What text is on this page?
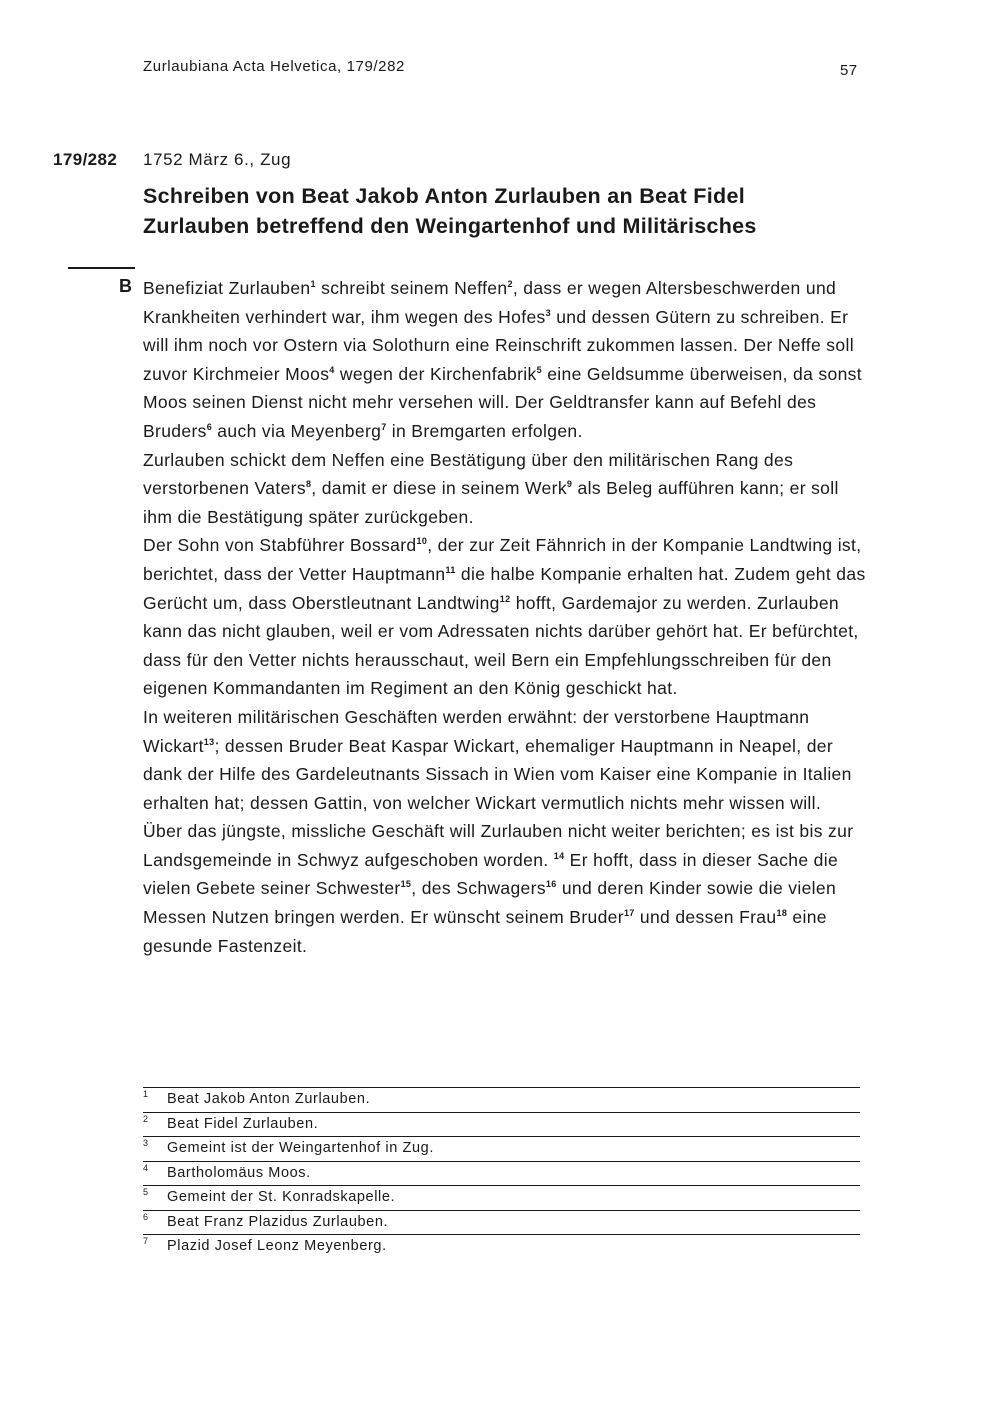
Zurlaubiana Acta Helvetica, 179/282	57
179/282 1752 März 6., Zug
Schreiben von Beat Jakob Anton Zurlauben an Beat Fidel
Zurlauben betreffend den Weingartenhof und Militärisches
B Benefiziat Zurlauben$^1$ schreibt seinem Neffen$^2$, dass er wegen Altersbeschwerden und Krankheiten verhindert war, ihm wegen des Hofes$^3$ und dessen Gütern zu schreiben. Er will ihm noch vor Ostern via Solothurn eine Reinschrift zukommen lassen. Der Neffe soll zuvor Kirchmeier Moos$^4$ wegen der Kirchenfabrik$^5$ eine Geldsumme überweisen, da sonst Moos seinen Dienst nicht mehr versehen will. Der Geldtransfer kann auf Befehl des Bruders$^6$ auch via Meyenberg$^7$ in Bremgarten erfolgen.

Zurlauben schickt dem Neffen eine Bestätigung über den militärischen Rang des verstorbenen Vaters$^8$, damit er diese in seinem Werk$^9$ als Beleg aufführen kann; er soll ihm die Bestätigung später zurückgeben.

Der Sohn von Stabführer Bossard$^{10}$, der zur Zeit Fähnrich in der Kompanie Landtwing ist, berichtet, dass der Vetter Hauptmann$^{11}$ die halbe Kompanie erhalten hat. Zudem geht das Gerücht um, dass Oberstleutnant Landtwing$^{12}$ hofft, Gardemajor zu werden. Zurlauben kann das nicht glauben, weil er vom Adressaten nichts darüber gehört hat. Er befürchtet, dass für den Vetter nichts herausschaut, weil Bern ein Empfehlungsschreiben für den eigenen Kommandanten im Regiment an den König geschickt hat.

In weiteren militärischen Geschäften werden erwähnt: der verstorbene Hauptmann Wickart$^{13}$; dessen Bruder Beat Kaspar Wickart, ehemaliger Hauptmann in Neapel, der dank der Hilfe des Gardeleutnants Sissach in Wien vom Kaiser eine Kompanie in Italien erhalten hat; dessen Gattin, von welcher Wickart vermutlich nichts mehr wissen will.

Über das jüngste, missliche Geschäft will Zurlauben nicht weiter berichten; es ist bis zur Landsgemeinde in Schwyz aufgeschoben worden. $^{14}$ Er hofft, dass in dieser Sache die vielen Gebete seiner Schwester$^{15}$, des Schwagers$^{16}$ und deren Kinder sowie die vielen Messen Nutzen bringen werden. Er wünscht seinem Bruder$^{17}$ und dessen Frau$^{18}$ eine gesunde Fastenzeit.

1 Beat Jakob Anton Zurlauben.
2 Beat Fidel Zurlauben.
3 Gemeint ist der Weingartenhof in Zug.
4 Bartholomäus Moos.
5 Gemeint der St. Konradskapelle.
6 Beat Franz Plazidus Zurlauben.
7 Plazid Josef Leonz Meyenberg.
